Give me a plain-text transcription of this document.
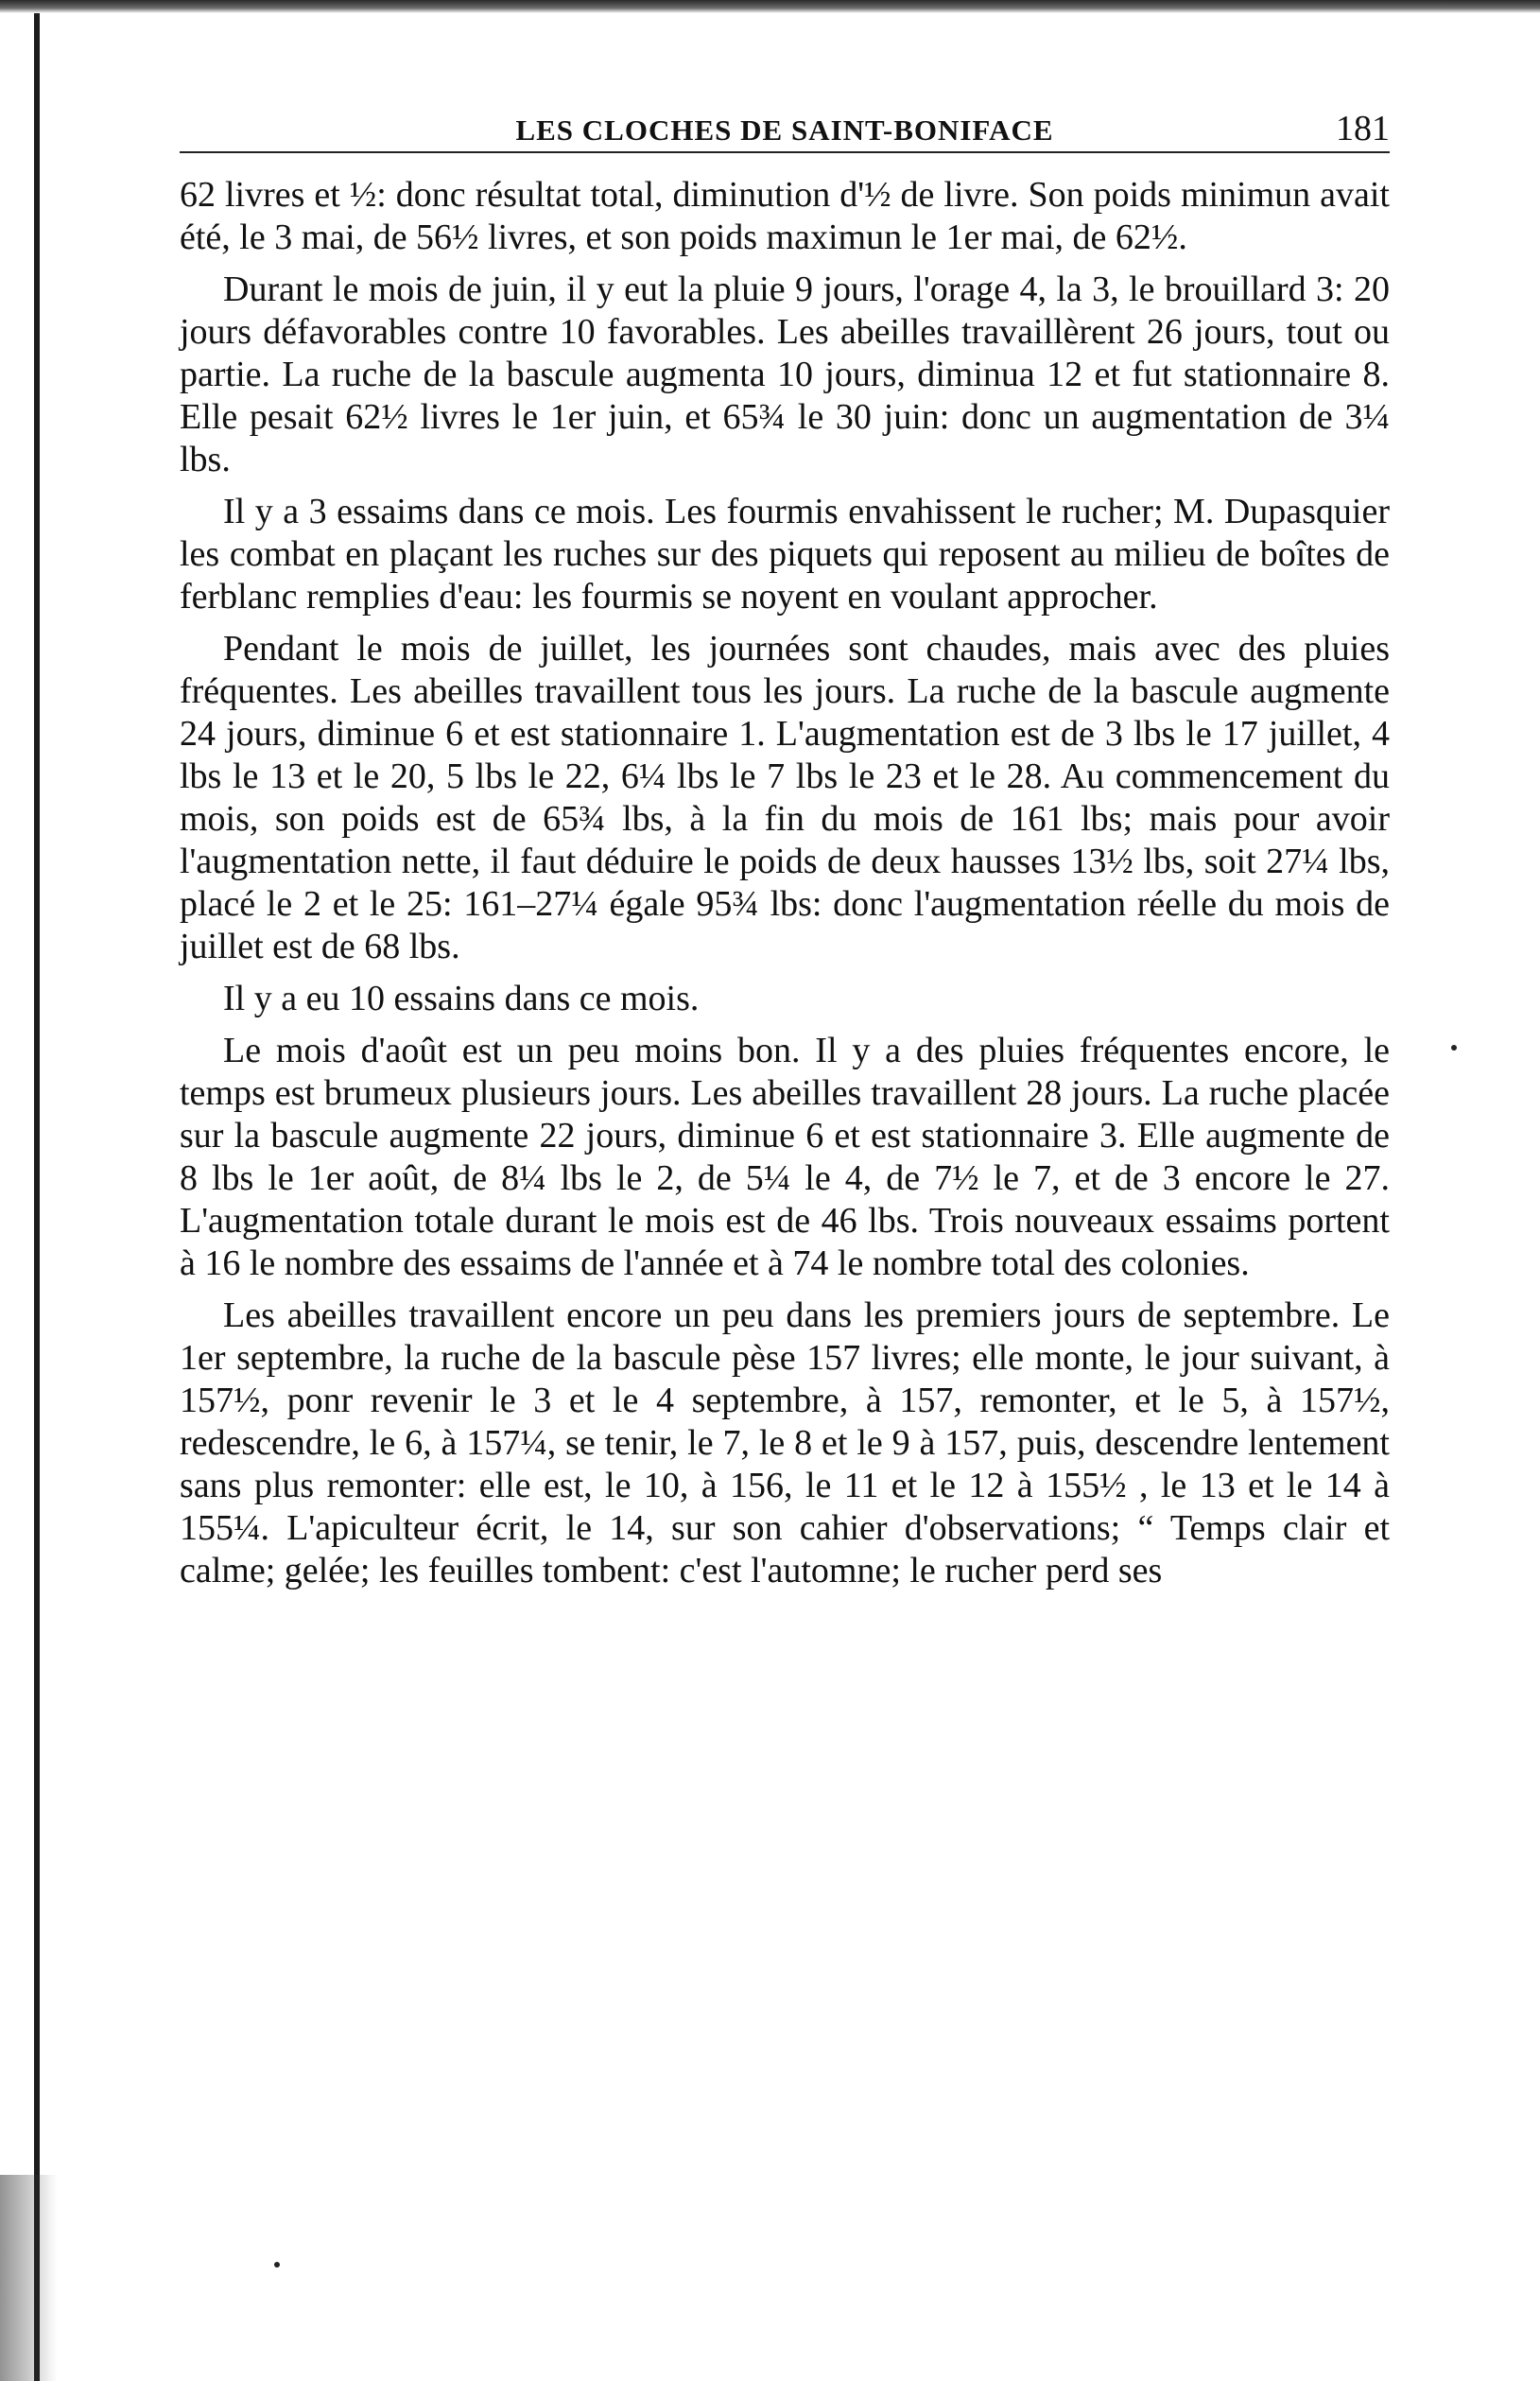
LES CLOCHES DE SAINT-BONIFACE	181

62 livres et ½: donc résultat total, diminution d'½ de livre. Son poids minimun avait été, le 3 mai, de 56½ livres, et son poids maximun le 1er mai, de 62½.

Durant le mois de juin, il y eut la pluie 9 jours, l'orage 4, la 3, le brouillard 3: 20 jours défavorables contre 10 favorables. Les abeilles travaillèrent 26 jours, tout ou partie. La ruche de la bascule augmenta 10 jours, diminua 12 et fut stationnaire 8. Elle pesait 62½ livres le 1er juin, et 65¾ le 30 juin: donc un augmentation de 3¼ lbs.

Il y a 3 essaims dans ce mois. Les fourmis envahissent le rucher; M. Dupasquier les combat en plaçant les ruches sur des piquets qui reposent au milieu de boîtes de ferblanc remplies d'eau: les fourmis se noyent en voulant approcher.

Pendant le mois de juillet, les journées sont chaudes, mais avec des pluies fréquentes. Les abeilles travaillent tous les jours. La ruche de la bascule augmente 24 jours, diminue 6 et est stationnaire 1. L'augmentation est de 3 lbs le 17 juillet, 4 lbs le 13 et le 20, 5 lbs le 22, 6¼ lbs le 7 lbs le 23 et le 28. Au commencement du mois, son poids est de 65¾ lbs, à la fin du mois de 161 lbs; mais pour avoir l'augmentation nette, il faut déduire le poids de deux hausses 13½ lbs, soit 27¼ lbs, placé le 2 et le 25: 161–27¼ égale 95¾ lbs: donc l'augmentation réelle du mois de juillet est de 68 lbs.

Il y a eu 10 essains dans ce mois.

Le mois d'août est un peu moins bon. Il y a des pluies fréquentes encore, le temps est brumeux plusieurs jours. Les abeilles travaillent 28 jours. La ruche placée sur la bascule augmente 22 jours, diminue 6 et est stationnaire 3. Elle augmente de 8 lbs le 1er août, de 8¼ lbs le 2, de 5¼ le 4, de 7½ le 7, et de 3 encore le 27. L'augmentation totale durant le mois est de 46 lbs. Trois nouveaux essaims portent à 16 le nombre des essaims de l'année et à 74 le nombre total des colonies.

Les abeilles travaillent encore un peu dans les premiers jours de septembre. Le 1er septembre, la ruche de la bascule pèse 157 livres; elle monte, le jour suivant, à 157½, ponr revenir le 3 et le 4 septembre, à 157, remonter, et le 5, à 157½, redescendre, le 6, à 157¼, se tenir, le 7, le 8 et le 9 à 157, puis, descendre lentement sans plus remonter: elle est, le 10, à 156, le 11 et le 12 à 155½ , le 13 et le 14 à 155¼. L'apiculteur écrit, le 14, sur son cahier d'observations; “ Temps clair et calme; gelée; les feuilles tombent: c'est l'automne; le rucher perd ses
